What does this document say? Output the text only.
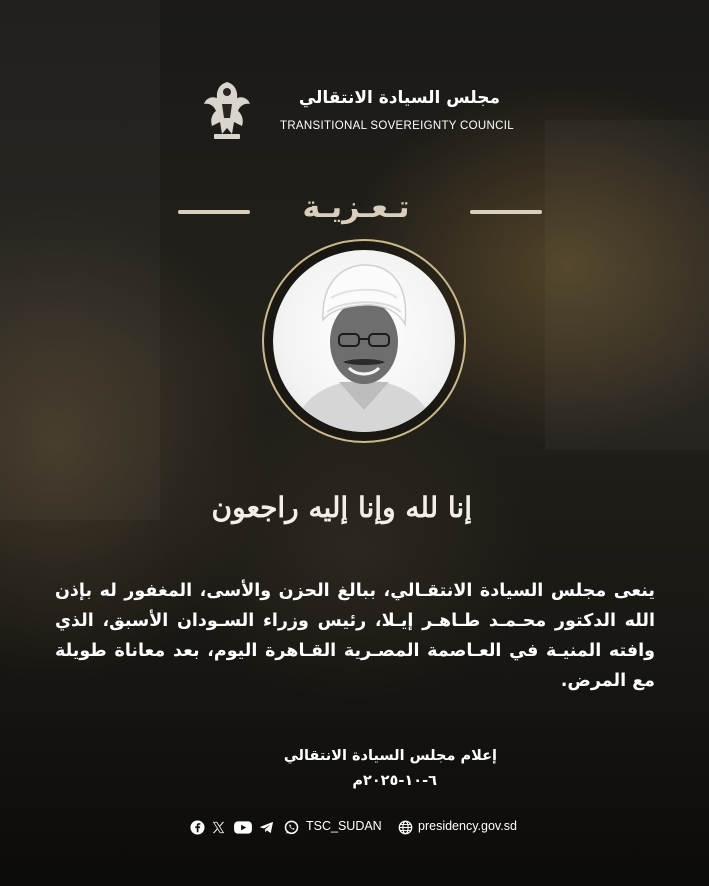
مجلس السيادة الانتقالي
TRANSITIONAL SOVEREIGNTY COUNCIL
تـعـزيـة
إنا لله وإنا إليه راجعون
ينعى مجلس السيادة الانتقـالي، ببالغ الحزن والأسى، المغفور له بإذن الله الدكتور محـمـد طـاهـر إيـلا، رئيس وزراء السـودان الأسبق، الذي وافته المنيـة في العـاصمة المصـرية القـاهرة اليوم، بعد معاناة طويلة مع المرض.
إعلام مجلس السيادة الانتقالي
٦-١٠-٢٠٢٥م
TSC_SUDAN	presidency.gov.sd
